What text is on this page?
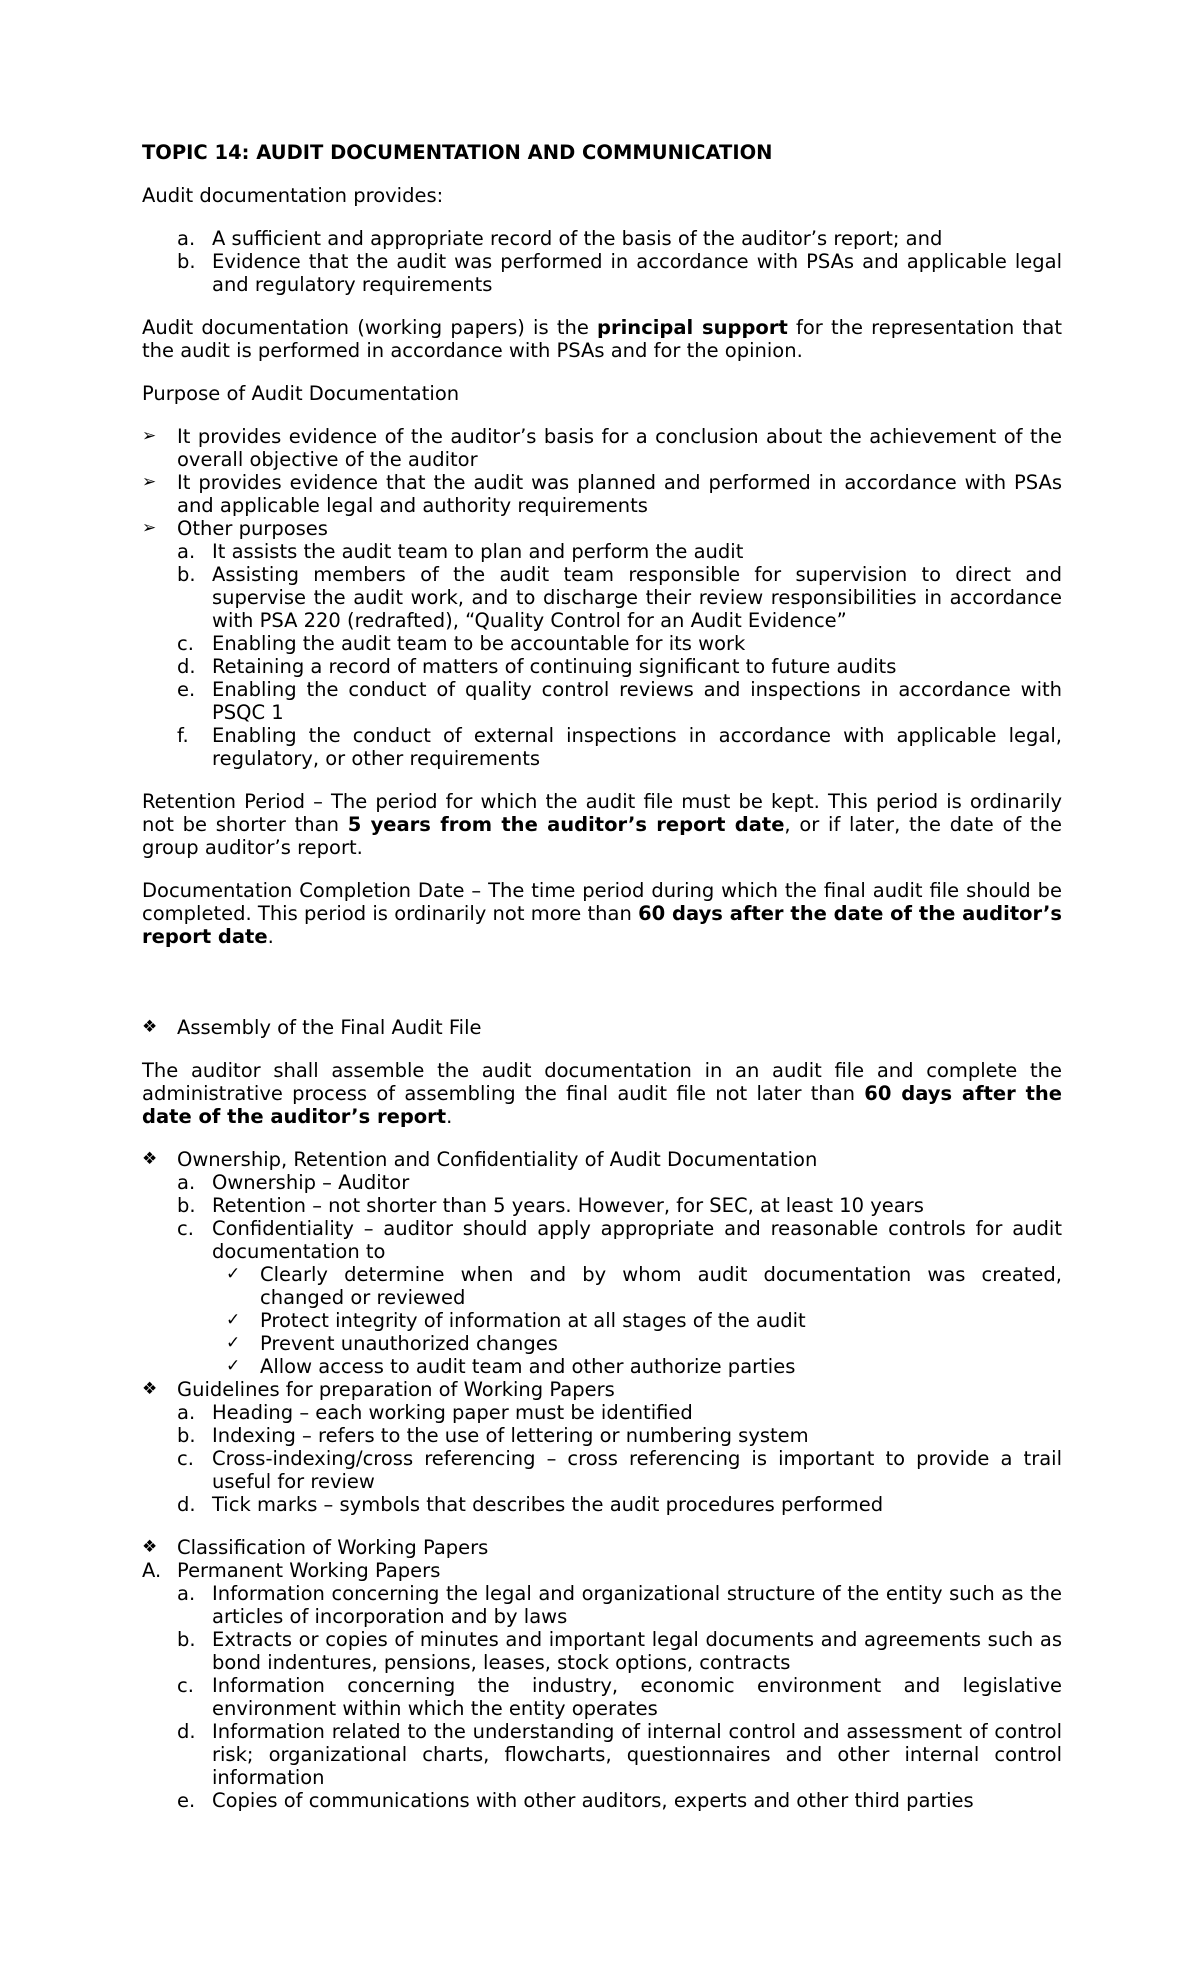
TOPIC 14: AUDIT DOCUMENTATION AND COMMUNICATION

Audit documentation provides:

a. A sufficient and appropriate record of the basis of the auditor’s report; and
b. Evidence that the audit was performed in accordance with PSAs and applicable legal and regulatory requirements

Audit documentation (working papers) is the principal support for the representation that the audit is performed in accordance with PSAs and for the opinion.

Purpose of Audit Documentation

➢	It provides evidence of the auditor’s basis for a conclusion about the achievement of the overall objective of the auditor
➢	It provides evidence that the audit was planned and performed in accordance with PSAs and applicable legal and authority requirements
➢	Other purposes
a. It assists the audit team to plan and perform the audit
b. Assisting members of the audit team responsible for supervision to direct and supervise the audit work, and to discharge their review responsibilities in accordance with PSA 220 (redrafted), “Quality Control for an Audit Evidence”
c. Enabling the audit team to be accountable for its work
d. Retaining a record of matters of continuing significant to future audits
e. Enabling the conduct of quality control reviews and inspections in accordance with PSQC 1
f.	Enabling the conduct of external inspections in accordance with applicable legal, regulatory, or other requirements

Retention Period – The period for which the audit file must be kept. This period is ordinarily not be shorter than 5 years from the auditor’s report date, or if later, the date of the group auditor’s report.

Documentation Completion Date – The time period during which the final audit file should be completed. This period is ordinarily not more than 60 days after the date of the auditor’s report date.

❖	Assembly of the Final Audit File

The auditor shall assemble the audit documentation in an audit file and complete the administrative process of assembling the final audit file not later than 60 days after the date of the auditor’s report.

❖	Ownership, Retention and Confidentiality of Audit Documentation
a. Ownership – Auditor
b. Retention – not shorter than 5 years. However, for SEC, at least 10 years
c. Confidentiality – auditor should apply appropriate and reasonable controls for audit documentation to
✓	Clearly determine when and by whom audit documentation was created, changed or reviewed
✓	Protect integrity of information at all stages of the audit
✓	Prevent unauthorized changes
✓	Allow access to audit team and other authorize parties
❖	Guidelines for preparation of Working Papers
a. Heading – each working paper must be identified
b. Indexing – refers to the use of lettering or numbering system
c. Cross-indexing/cross referencing – cross referencing is important to provide a trail useful for review
d. Tick marks – symbols that describes the audit procedures performed
❖	Classification of Working Papers
A. Permanent Working Papers
a. Information concerning the legal and organizational structure of the entity such as the articles of incorporation and by laws
b. Extracts or copies of minutes and important legal documents and agreements such as bond indentures, pensions, leases, stock options, contracts
c. Information concerning the industry, economic environment and legislative environment within which the entity operates
d. Information related to the understanding of internal control and assessment of control risk; organizational charts, flowcharts, questionnaires and other internal control information
e. Copies of communications with other auditors, experts and other third parties
